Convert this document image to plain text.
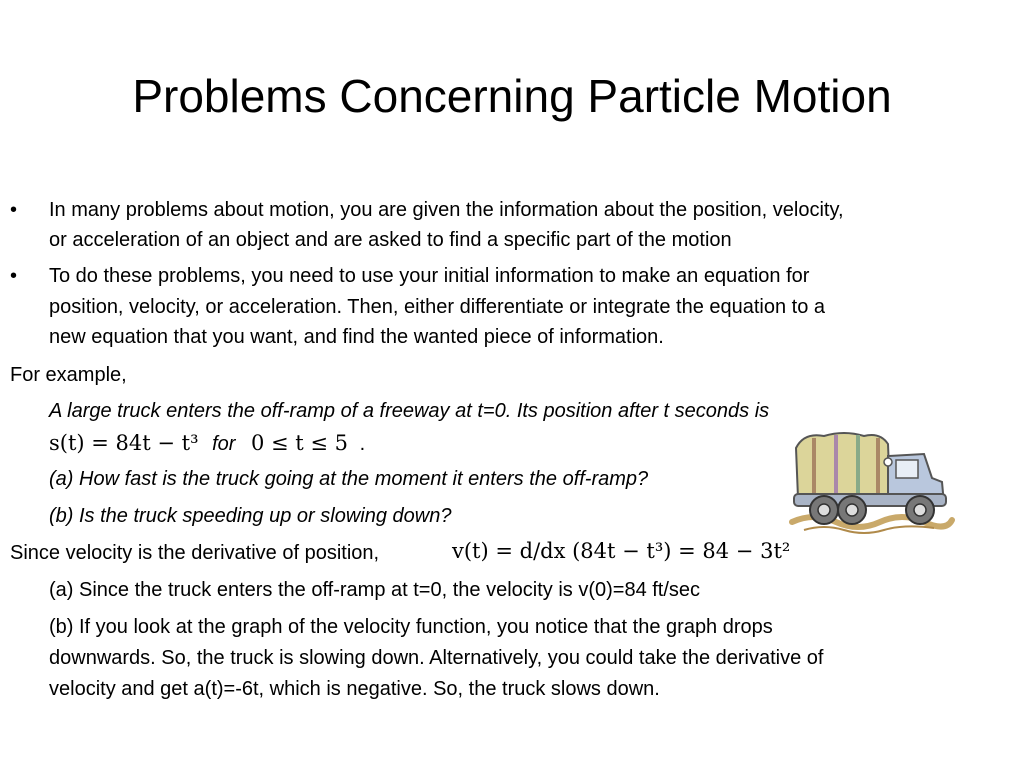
Problems Concerning Particle Motion
• In many problems about motion, you are given the information about the position, velocity,
or acceleration of an object and are asked to find a specific part of the motion
• To do these problems, you need to use your initial information to make an equation for
position, velocity, or acceleration. Then, either differentiate or integrate the equation to a
new equation that you want, and find the wanted piece of information.
For example,
A large truck enters the off-ramp of a freeway at t=0. Its position after t seconds is
s(t) = 84t − t³ for 0 ≤ t ≤ 5 .
(a) How fast is the truck going at the moment it enters the off-ramp?
(b) Is the truck speeding up or slowing down?
Since velocity is the derivative of position,	v(t) = d/dx (84t − t³) = 84 − 3t²
(a) Since the truck enters the off-ramp at t=0, the velocity is v(0)=84 ft/sec
(b) If you look at the graph of the velocity function, you notice that the graph drops
downwards. So, the truck is slowing down. Alternatively, you could take the derivative of
velocity and get a(t)=-6t, which is negative. So, the truck slows down.
